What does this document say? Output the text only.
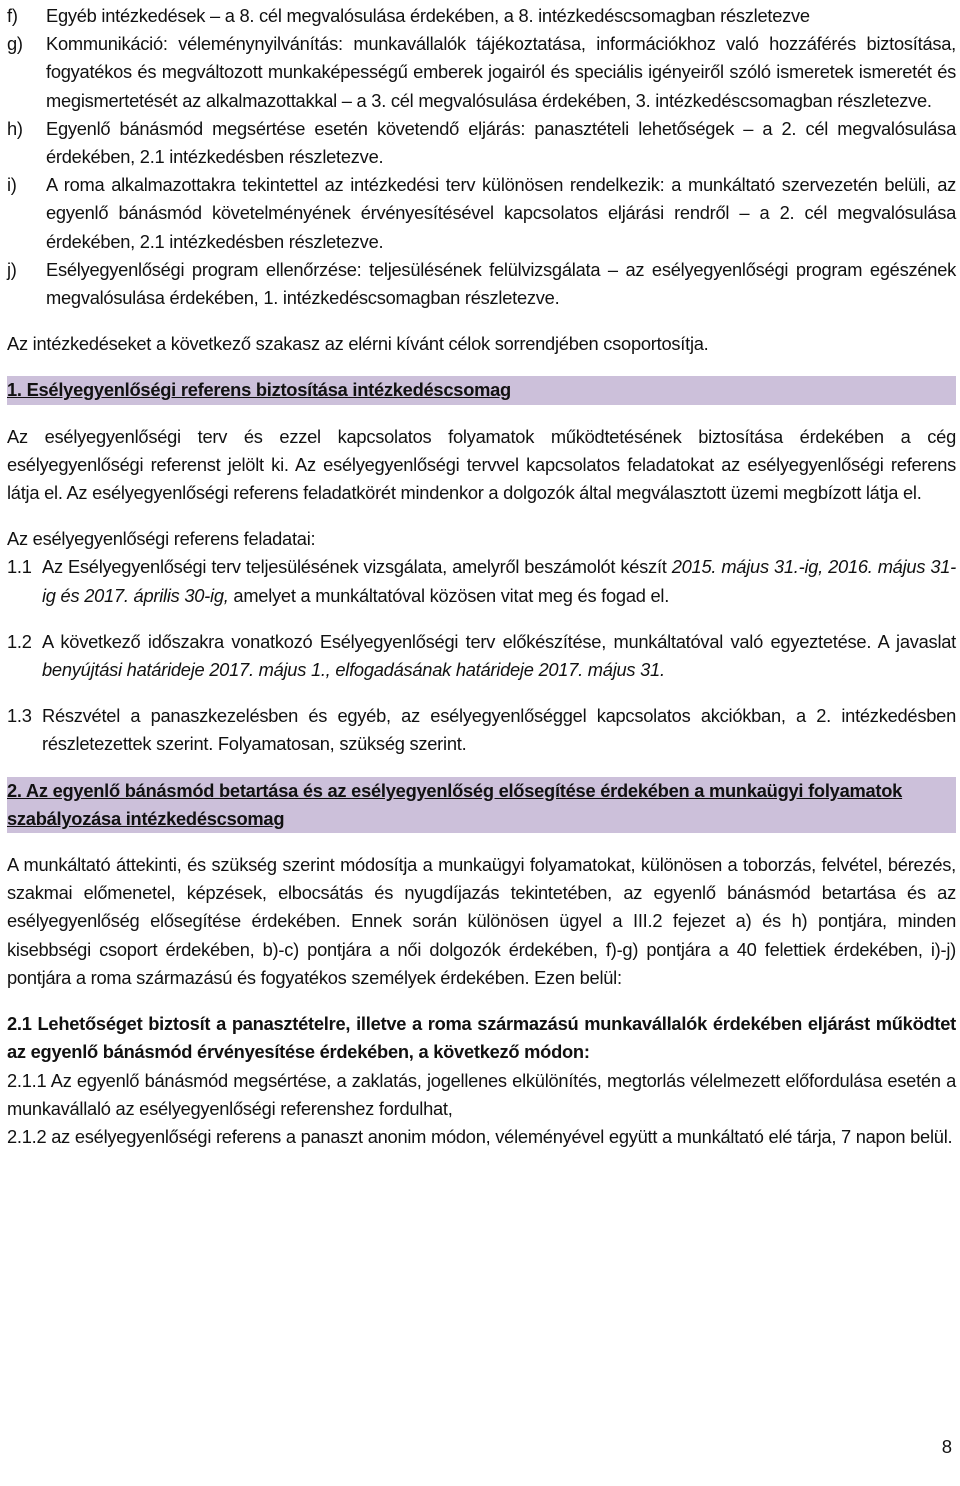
f) Egyéb intézkedések – a 8. cél megvalósulása érdekében, a 8. intézkedéscsomagban részletezve
g) Kommunikáció: véleménynyilvánítás: munkavállalók tájékoztatása, információkhoz való hozzáférés biztosítása, fogyatékos és megváltozott munkaképességű emberek jogairól és speciális igényeiről szóló ismeretek ismeretét és megismertetését az alkalmazottakkal – a 3. cél megvalósulása érdekében, 3. intézkedéscsomagban részletezve.
h) Egyenlő bánásmód megsértése esetén követendő eljárás: panasztételi lehetőségek – a 2. cél megvalósulása érdekében, 2.1 intézkedésben részletezve.
i) A roma alkalmazottakra tekintettel az intézkedési terv különösen rendelkezik: a munkáltató szervezetén belüli, az egyenlő bánásmód követelményének érvényesítésével kapcsolatos eljárási rendről – a 2. cél megvalósulása érdekében, 2.1 intézkedésben részletezve.
j) Esélyegyenlőségi program ellenőrzése: teljesülésének felülvizsgálata – az esélyegyenlőségi program egészének megvalósulása érdekében, 1. intézkedéscsomagban részletezve.
Az intézkedéseket a következő szakasz az elérni kívánt célok sorrendjében csoportosítja.
1. Esélyegyenlőségi referens biztosítása intézkedéscsomag
Az esélyegyenlőségi terv és ezzel kapcsolatos folyamatok működtetésének biztosítása érdekében a cég esélyegyenlőségi referenst jelölt ki. Az esélyegyenlőségi tervvel kapcsolatos feladatokat az esélyegyenlőségi referens látja el. Az esélyegyenlőségi referens feladatkörét mindenkor a dolgozók által megválasztott üzemi megbízott látja el.
Az esélyegyenlőségi referens feladatai:
1.1 Az Esélyegyenlőségi terv teljesülésének vizsgálata, amelyről beszámolót készít 2015. május 31.-ig, 2016. május 31-ig és 2017. április 30-ig, amelyet a munkáltatóval közösen vitat meg és fogad el.
1.2 A következő időszakra vonatkozó Esélyegyenlőségi terv előkészítése, munkáltatóval való egyeztetése. A javaslat benyújtási határideje 2017. május 1., elfogadásának határideje 2017. május 31.
1.3 Részvétel a panaszkezelésben és egyéb, az esélyegyenlőséggel kapcsolatos akciókban, a 2. intézkedésben részletezettek szerint. Folyamatosan, szükség szerint.
2. Az egyenlő bánásmód betartása és az esélyegyenlőség elősegítése érdekében a munkaügyi folyamatok szabályozása intézkedéscsomag
A munkáltató áttekinti, és szükség szerint módosítja a munkaügyi folyamatokat, különösen a toborzás, felvétel, bérezés, szakmai előmenetel, képzések, elbocsátás és nyugdíjazás tekintetében, az egyenlő bánásmód betartása és az esélyegyenlőség elősegítése érdekében. Ennek során különösen ügyel a III.2 fejezet a) és h) pontjára, minden kisebbségi csoport érdekében, b)-c) pontjára a női dolgozók érdekében, f)-g) pontjára a 40 felettiek érdekében, i)-j) pontjára a roma származású és fogyatékos személyek érdekében. Ezen belül:
2.1 Lehetőséget biztosít a panasztételre, illetve a roma származású munkavállalók érdekében eljárást működtet az egyenlő bánásmód érvényesítése érdekében, a következő módon:
2.1.1 Az egyenlő bánásmód megsértése, a zaklatás, jogellenes elkülönítés, megtorlás vélelmezett előfordulása esetén a munkavállaló az esélyegyenlőségi referenshez fordulhat,
2.1.2 az esélyegyenlőségi referens a panaszt anonim módon, véleményével együtt a munkáltató elé tárja, 7 napon belül.
8
